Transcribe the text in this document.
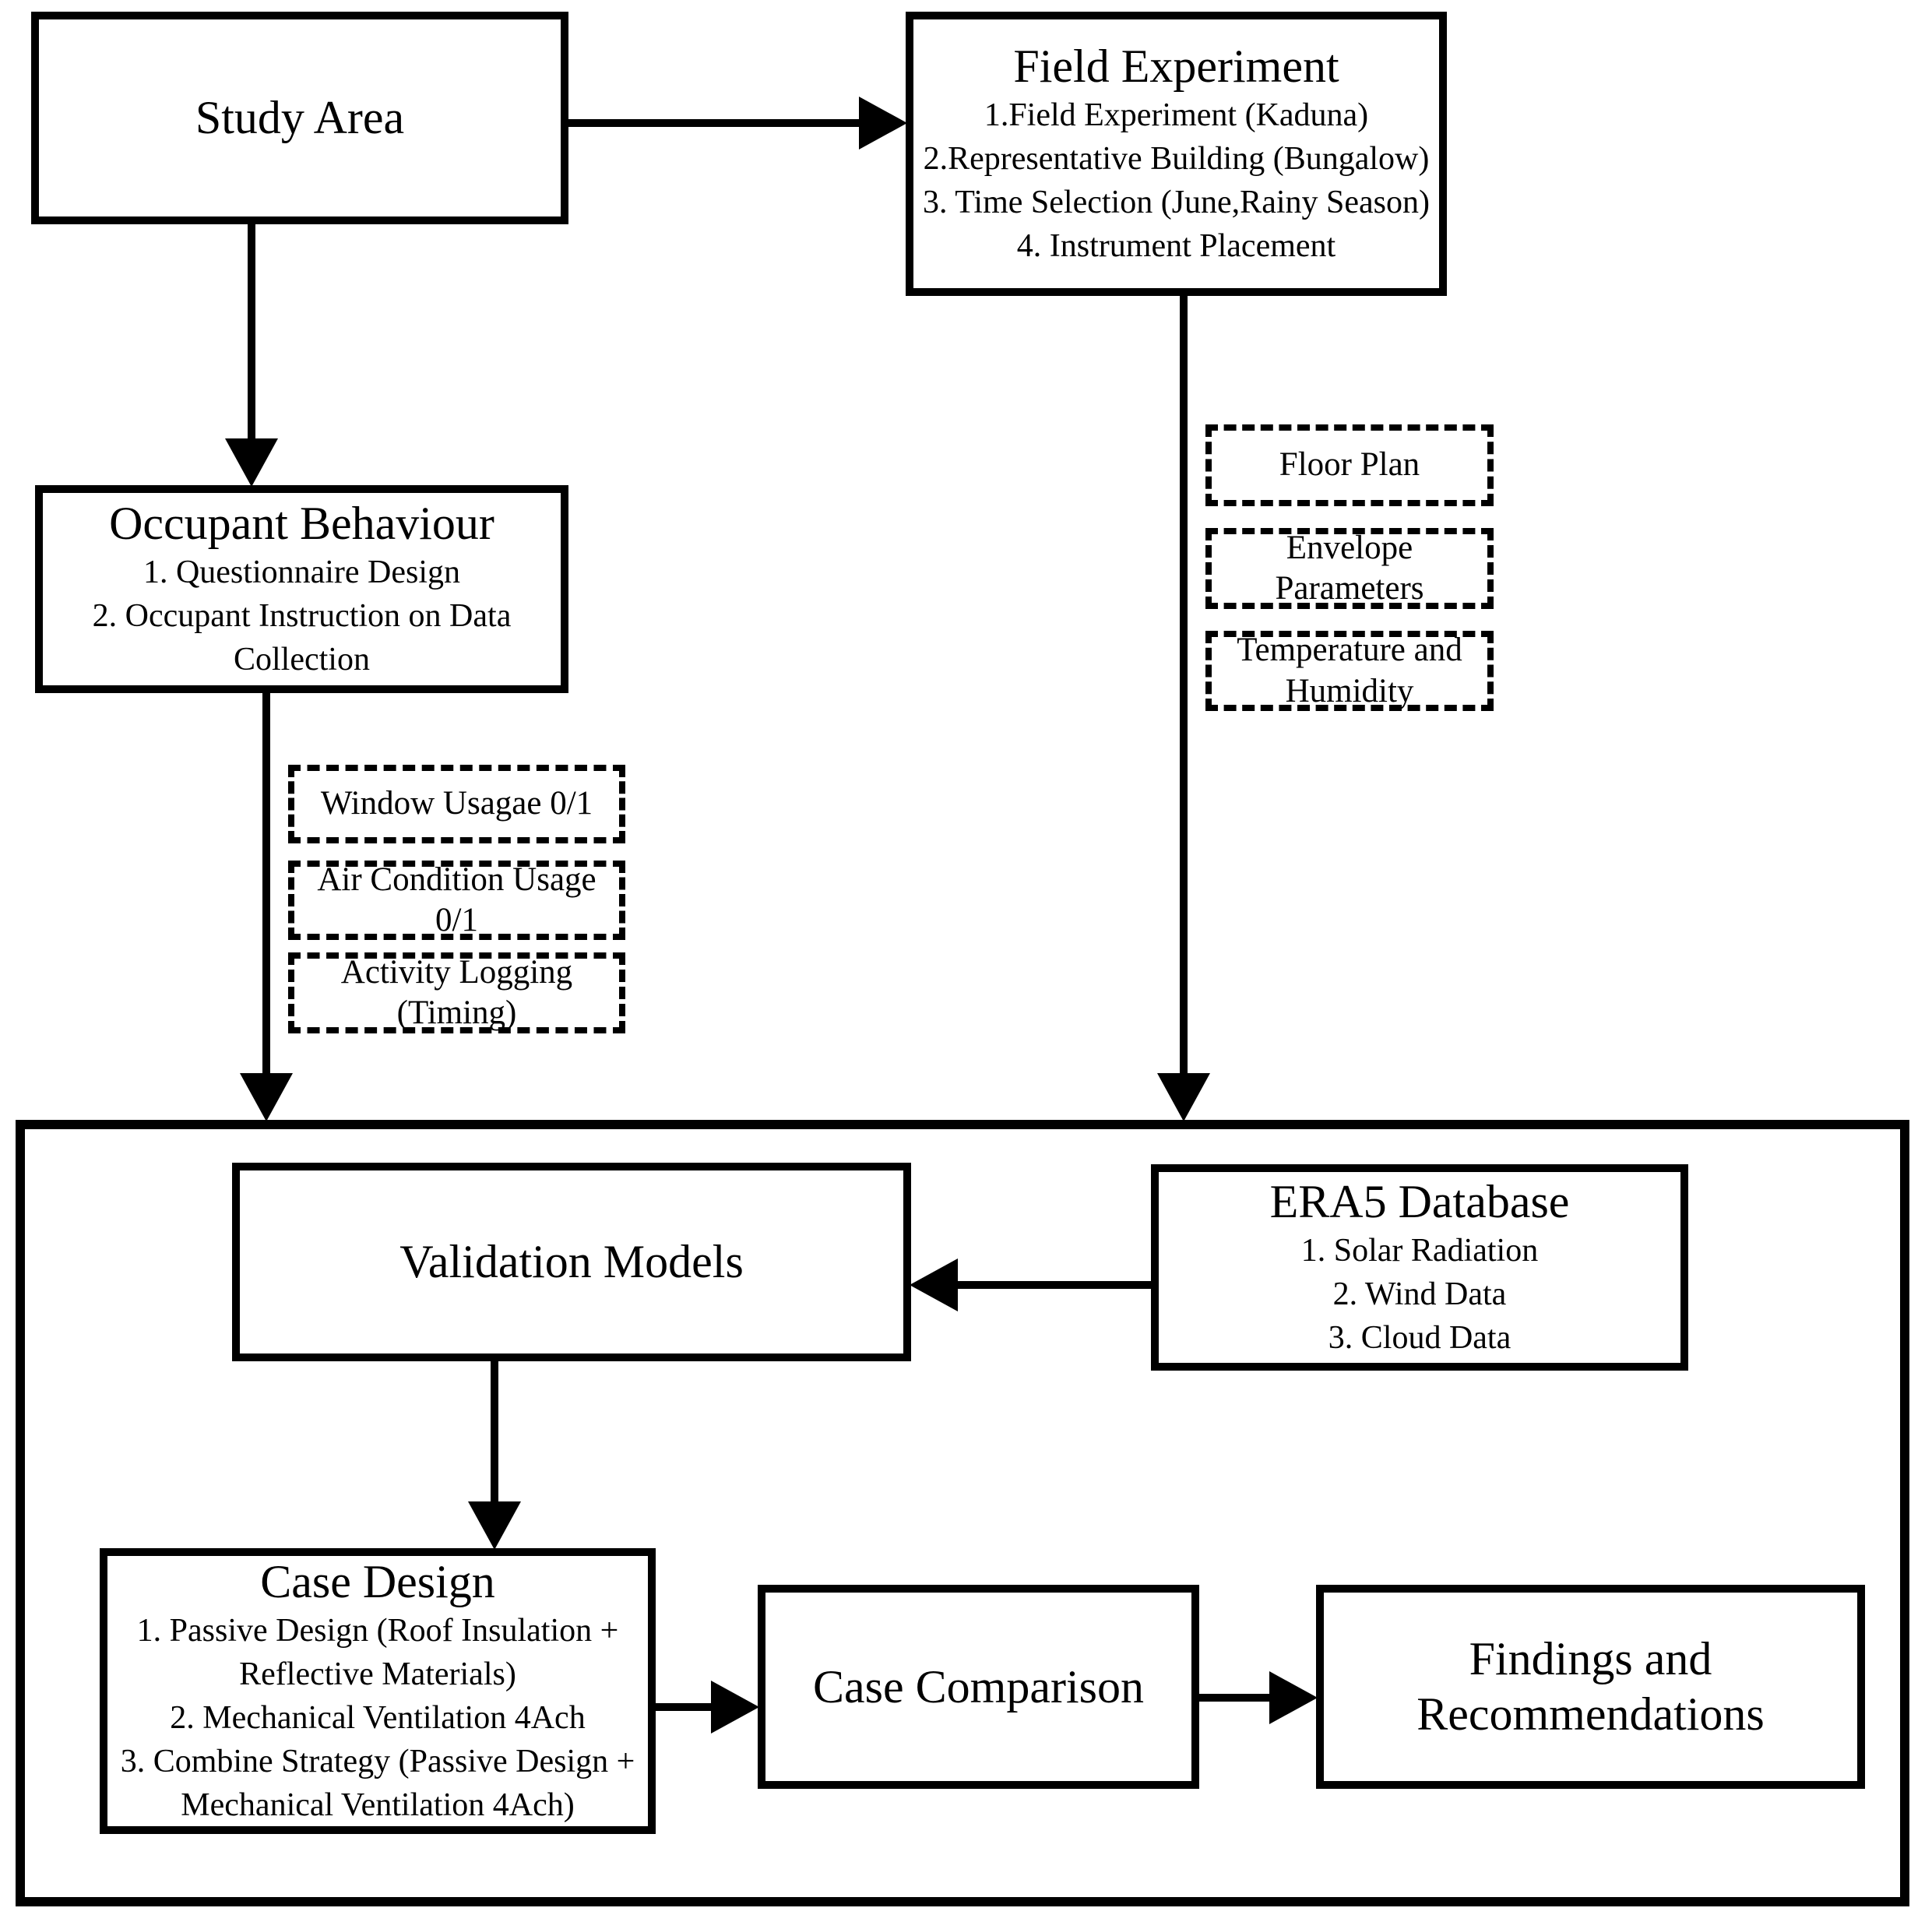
Study Area
Field Experiment
1.Field Experiment (Kaduna)
2.Representative Building (Bungalow)
3. Time Selection (June,Rainy Season)
4. Instrument Placement
Occupant Behaviour
1. Questionnaire Design
2. Occupant Instruction on Data Collection
Window Usagae 0/1
Air Condition Usage 0/1
Activity Logging (Timing)
Floor Plan
Envelope Parameters
Temperature and Humidity
Validation Models
ERA5 Database
1. Solar Radiation
2. Wind Data
3. Cloud Data
Case Design
1. Passive Design (Roof Insulation + Reflective Materials)
2. Mechanical Ventilation 4Ach
3. Combine Strategy (Passive Design + Mechanical Ventilation 4Ach)
Case Comparison
Findings and Recommendations
